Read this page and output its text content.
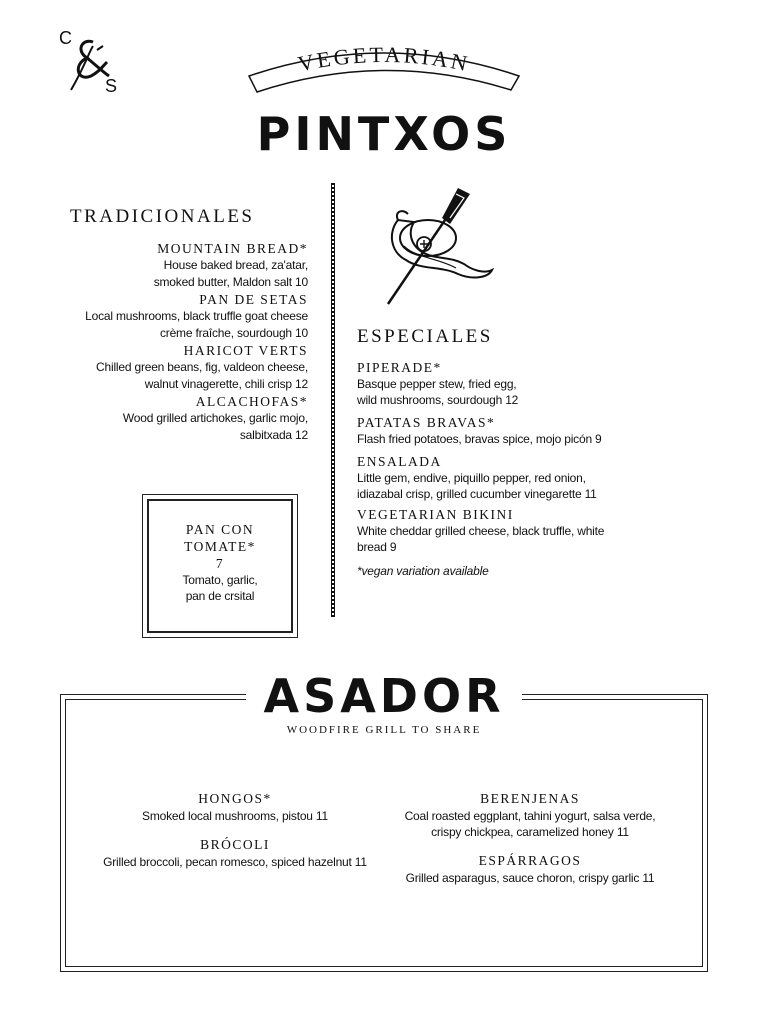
C
S
VEGETARIAN
PINTXOS
TRADICIONALES
MOUNTAIN BREAD*
House baked bread, za'atar,
smoked butter, Maldon salt 10
PAN DE SETAS
Local mushrooms, black truffle goat cheese
crème fraîche, sourdough 10
HARICOT VERTS
Chilled green beans, fig, valdeon cheese,
walnut vinagerette, chili crisp 12
ALCACHOFAS*
Wood grilled artichokes, garlic mojo,
salbitxada 12
PAN CON
TOMATE*
7
Tomato, garlic,
pan de crsital
ESPECIALES
PIPERADE*
Basque pepper stew, fried egg,
wild mushrooms, sourdough 12
PATATAS BRAVAS*
Flash fried potatoes, bravas spice, mojo picón 9
ENSALADA
Little gem, endive, piquillo pepper, red onion,
idiazabal crisp, grilled cucumber vinegarette 11
VEGETARIAN BIKINI
White cheddar grilled cheese, black truffle, white
bread 9
*vegan variation available
ASADOR
WOODFIRE GRILL TO SHARE
HONGOS*
Smoked local mushrooms, pistou 11
BRÓCOLI
Grilled broccoli, pecan romesco, spiced hazelnut 11
BERENJENAS
Coal roasted eggplant, tahini yogurt, salsa verde,
crispy chickpea, caramelized honey 11
ESPÁRRAGOS
Grilled asparagus, sauce choron, crispy garlic 11
